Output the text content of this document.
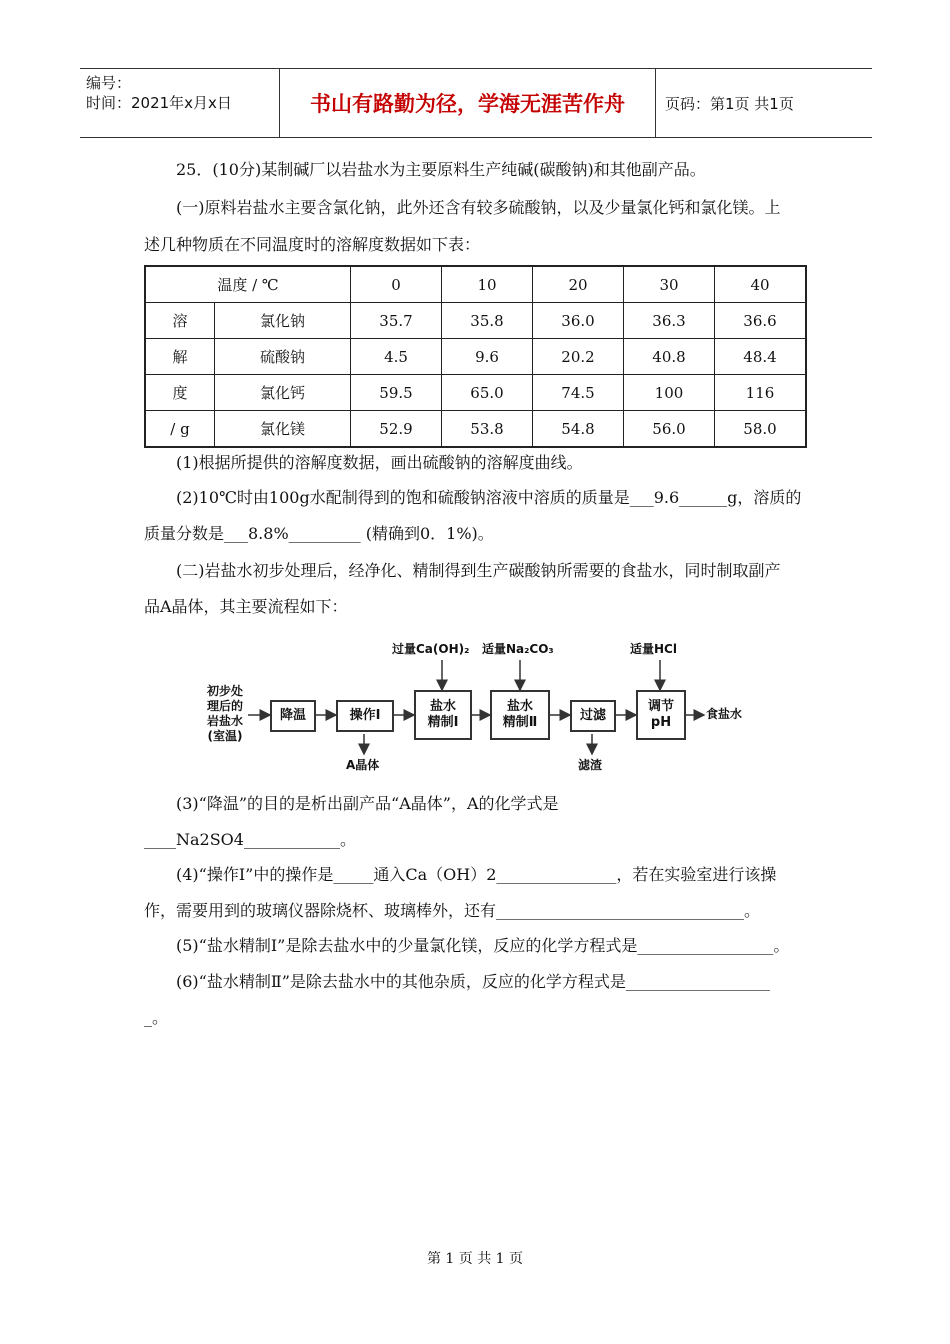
编号：
时间：2021年x月x日	书山有路勤为径，学海无涯苦作舟	页码：第1页 共1页
25．(10分)某制碱厂以岩盐水为主要原料生产纯碱(碳酸钠)和其他副产品。
(一)原料岩盐水主要含氯化钠，此外还含有较多硫酸钠，以及少量氯化钙和氯化镁。上
述几种物质在不同温度时的溶解度数据如下表：
温度 / ℃		0	10	20	30	40
溶	氯化钠	35.7	35.8	36.0	36.3	36.6
解	硫酸钠	4.5	9.6	20.2	40.8	48.4
度	氯化钙	59.5	65.0	74.5	100	116
/ g	氯化镁	52.9	53.8	54.8	56.0	58.0
(1)根据所提供的溶解度数据，画出硫酸钠的溶解度曲线。
(2)10℃时由100g水配制得到的饱和硫酸钠溶液中溶质的质量是___9.6______g，溶质的
质量分数是___8.8%_________ (精确到0．1%)。
(二)岩盐水初步处理后，经净化、精制得到生产碳酸钠所需要的食盐水，同时制取副产
品A晶体，其主要流程如下：
初步处
理后的
岩盐水
(室温)
降温	操作Ⅰ
盐水
精制Ⅰ
盐水
精制Ⅱ	过滤
调节
pH
食盐水
过量Ca(OH)₂ 适量Na₂CO₃	适量HCl
A晶体	滤渣
(3)“降温”的目的是析出副产品“A晶体”，A的化学式是
____Na2SO4____________。
(4)“操作Ⅰ”中的操作是_____通入Ca（OH）2_______________，若在实验室进行该操
作，需要用到的玻璃仪器除烧杯、玻璃棒外，还有_______________________________。
(5)“盐水精制Ⅰ”是除去盐水中的少量氯化镁，反应的化学方程式是_________________。
(6)“盐水精制Ⅱ”是除去盐水中的其他杂质，反应的化学方程式是__________________
_。
第 1 页 共 1 页
